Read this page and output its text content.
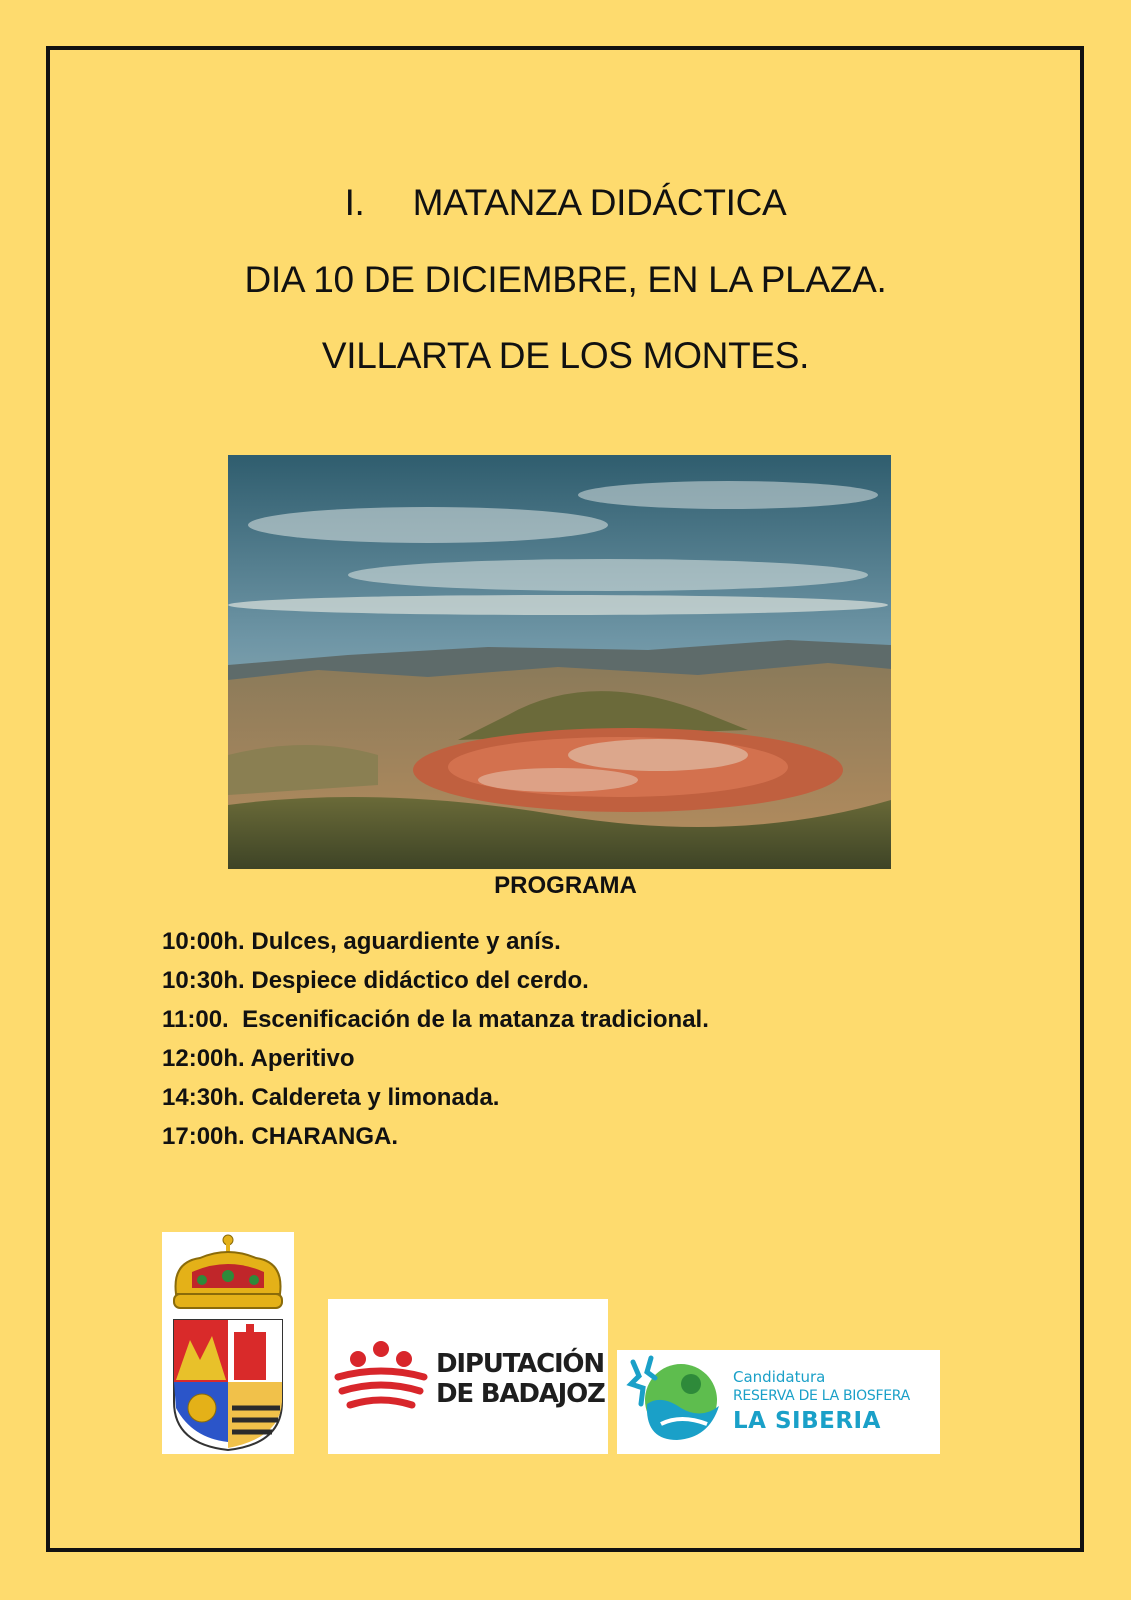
I. MATANZA DIDÁCTICA
DIA 10 DE DICIEMBRE, EN LA PLAZA.
VILLARTA DE LOS MONTES.
PROGRAMA
10:00h. Dulces, aguardiente y anís.
10:30h. Despiece didáctico del cerdo.
11:00.  Escenificación de la matanza tradicional.
12:00h. Aperitivo
14:30h. Caldereta y limonada.
17:00h. CHARANGA.
DIPUTACIÓN
DE BADAJOZ
Candidatura
RESERVA DE LA BIOSFERA
LA SIBERIA
